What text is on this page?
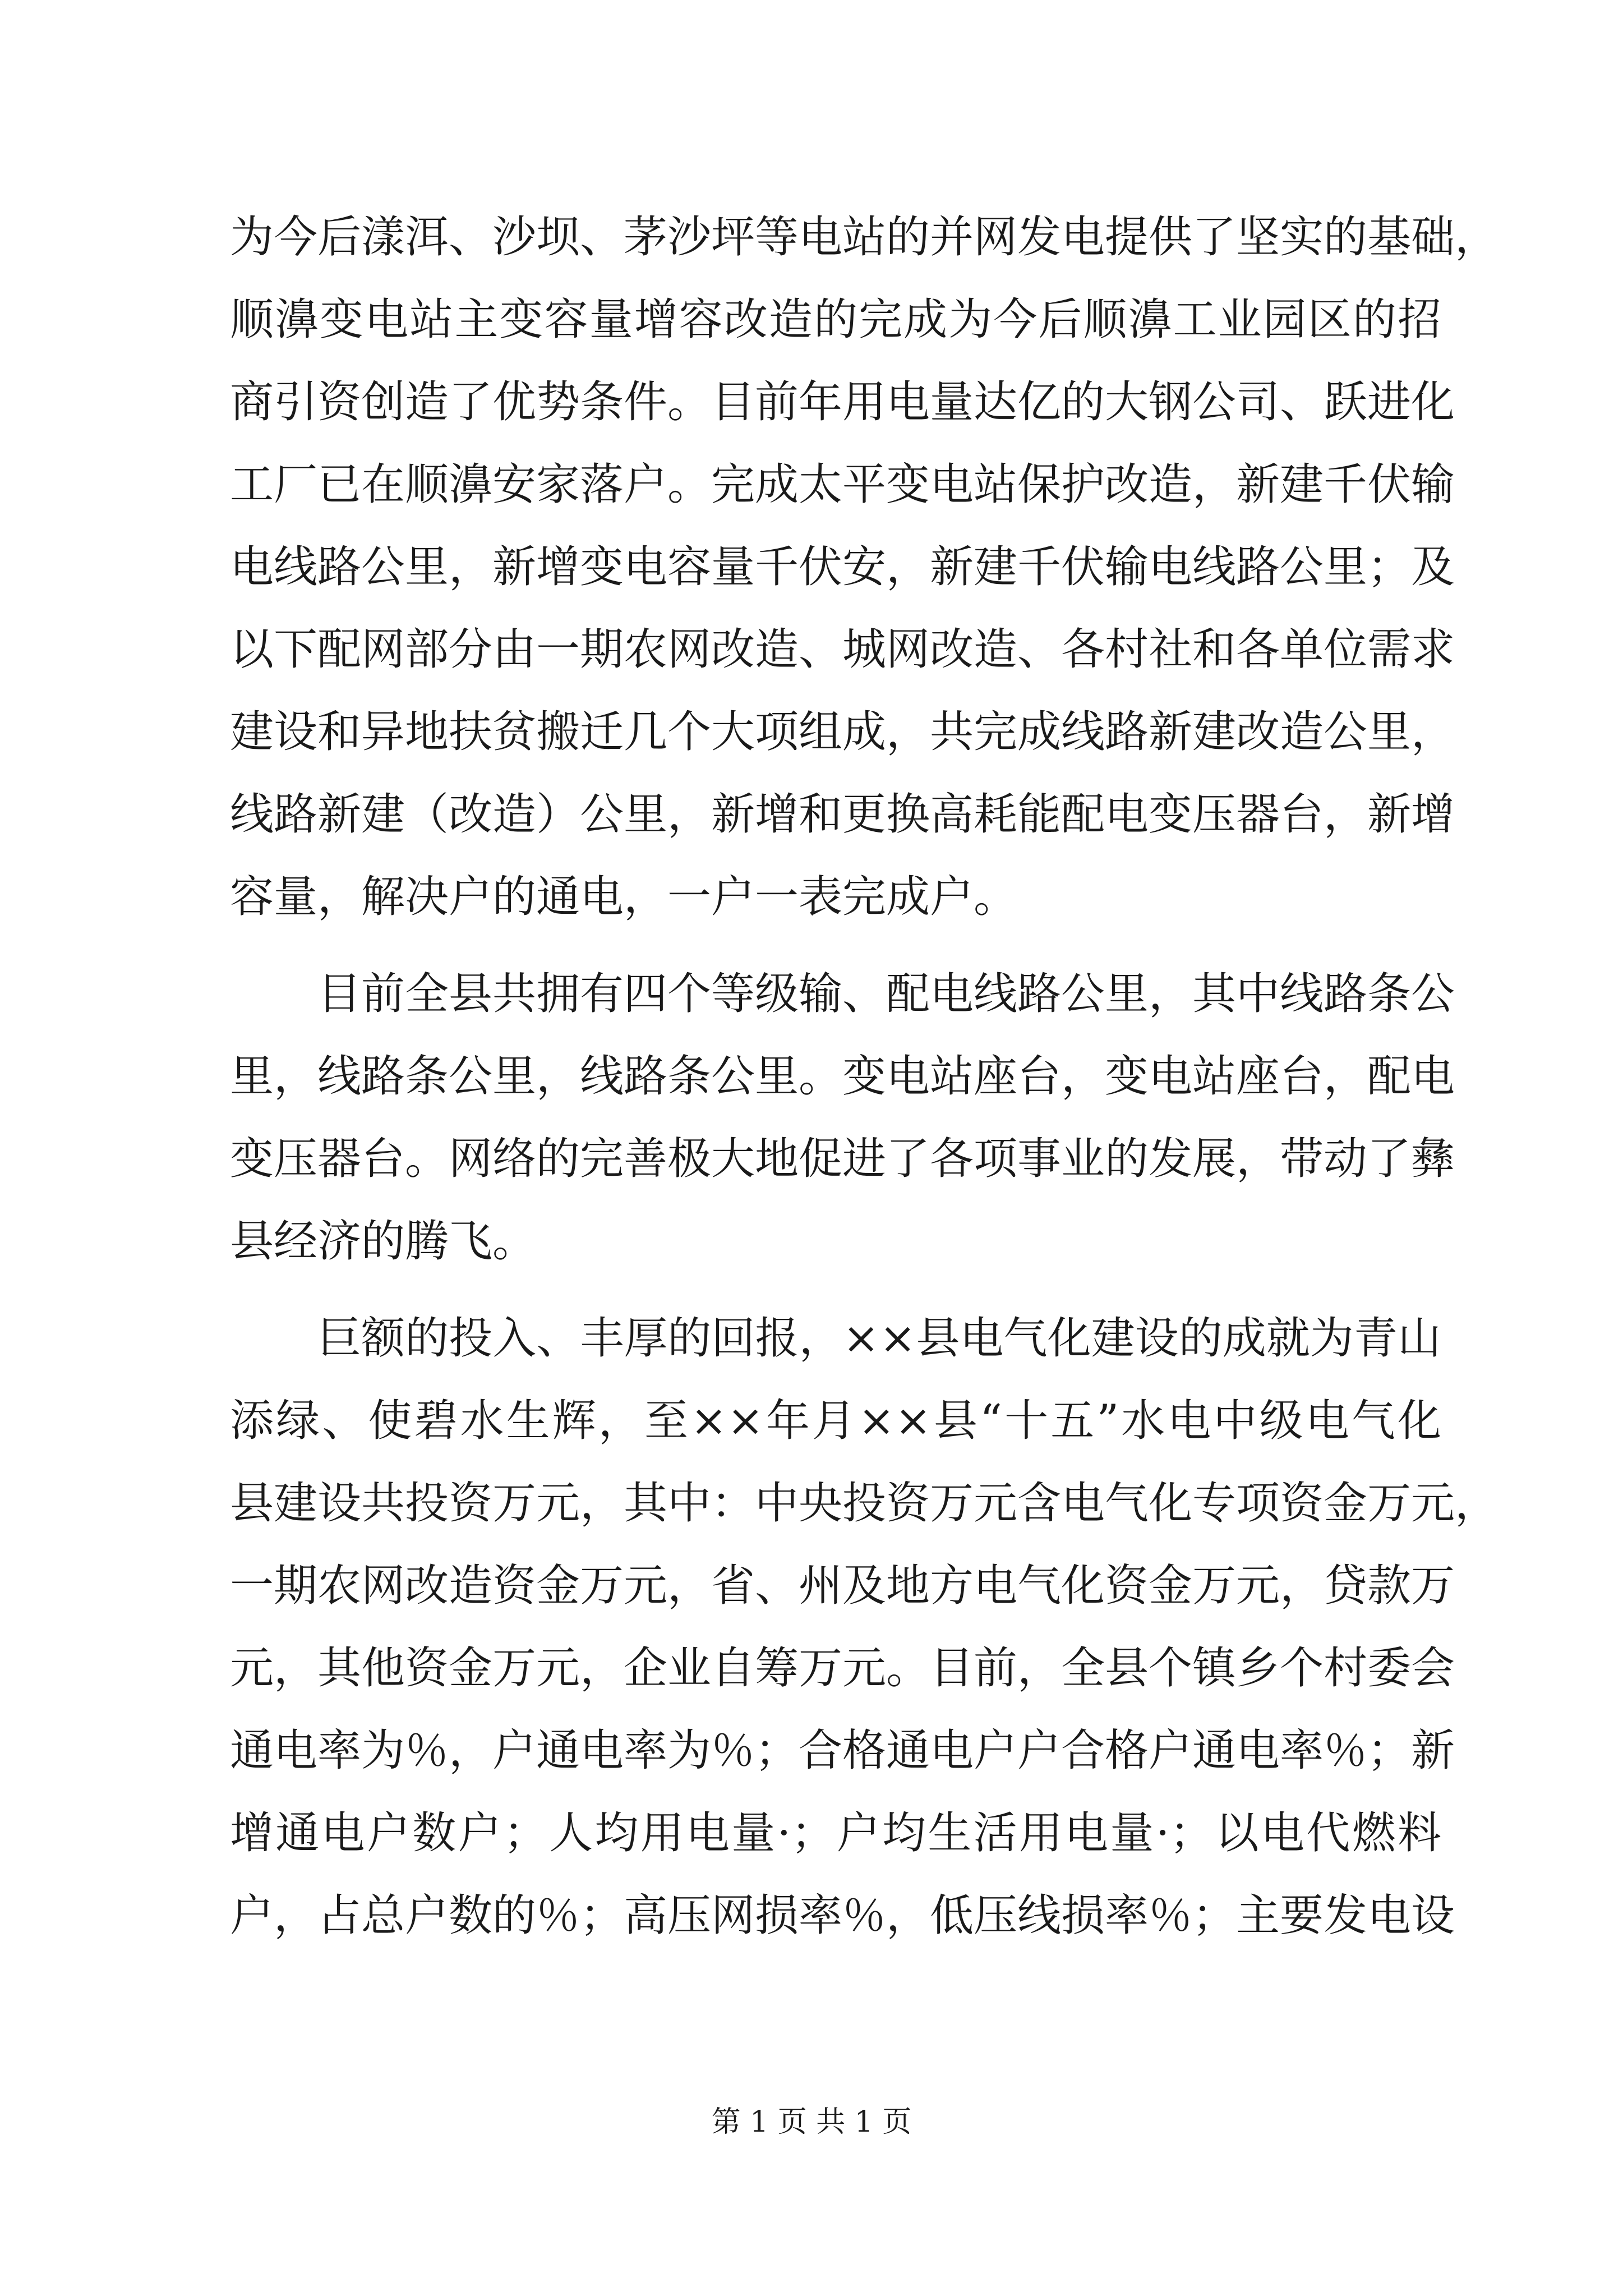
为今后漾洱、沙坝、茅沙坪等电站的并网发电提供了坚实的基础，
顺濞变电站主变容量增容改造的完成为今后顺濞工业园区的招
商引资创造了优势条件。目前年用电量达亿的大钢公司、跃进化
工厂已在顺濞安家落户。完成太平变电站保护改造，新建千伏输
电线路公里，新增变电容量千伏安，新建千伏输电线路公里；及
以下配网部分由一期农网改造、城网改造、各村社和各单位需求
建设和异地扶贫搬迁几个大项组成，共完成线路新建改造公里，
线路新建（改造）公里，新增和更换高耗能配电变压器台，新增
容量，解决户的通电，一户一表完成户。
目前全县共拥有四个等级输、配电线路公里，其中线路条公
里，线路条公里，线路条公里。变电站座台，变电站座台，配电
变压器台。网络的完善极大地促进了各项事业的发展，带动了彝
县经济的腾飞。
巨额的投入、丰厚的回报，××县电气化建设的成就为青山
添绿、使碧水生辉，至××年月××县“十五”水电中级电气化
县建设共投资万元，其中：中央投资万元含电气化专项资金万元，
一期农网改造资金万元，省、州及地方电气化资金万元，贷款万
元，其他资金万元，企业自筹万元。目前，全县个镇乡个村委会
通电率为％，户通电率为％；合格通电户户合格户通电率％；新
增通电户数户；人均用电量·；户均生活用电量·；以电代燃料
户，占总户数的％；高压网损率％，低压线损率％；主要发电设
第 1 页 共 1 页
